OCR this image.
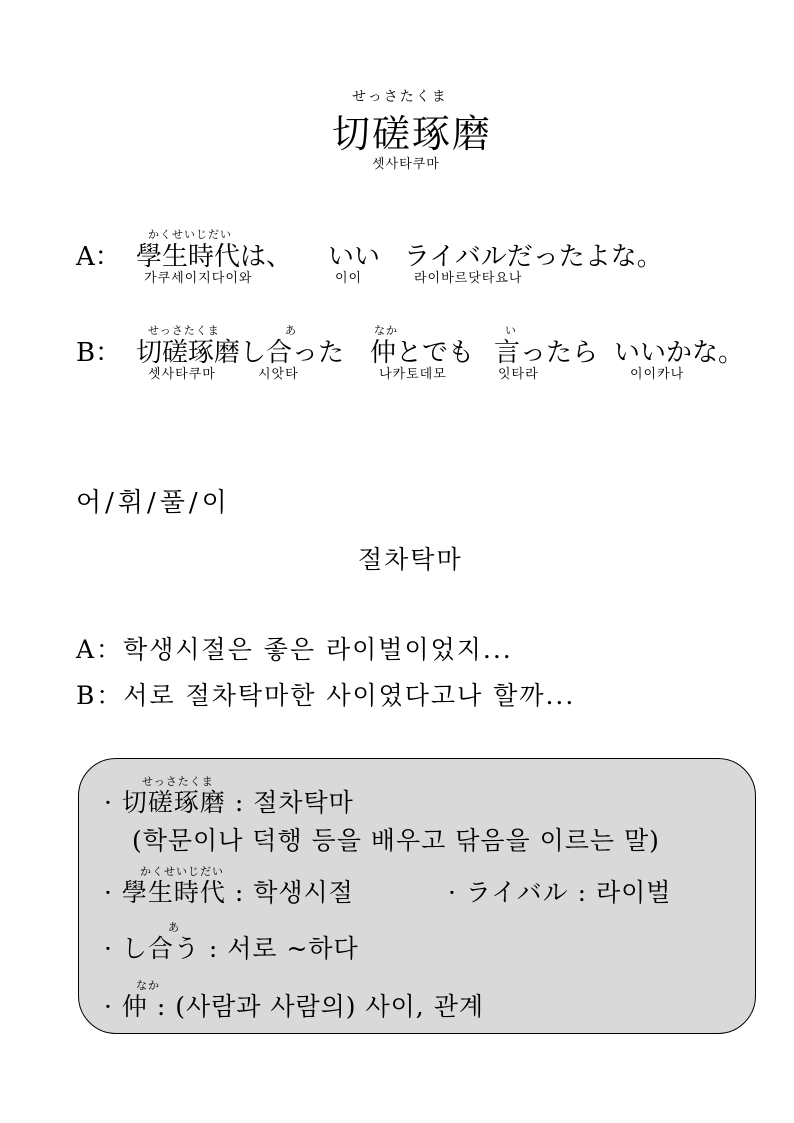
せっさたくま
切磋琢磨
셋사타쿠마
かくせいじだい
A： 學生時代は、 いい ライバルだったよな。
가쿠세이지다이와	이이	라이바르닷타요나
せっさたくま	あ	なか	い
B： 切磋琢磨し合った 仲とでも 言ったら いいかな。
셋사타쿠마	시앗타	나카토데모	잇타라	이이카나
어/휘/풀/이
절차탁마
A：학생시절은 좋은 라이벌이었지...
B：서로 절차탁마한 사이였다고나 할까...
せっさたくま
· 切磋琢磨 : 절차탁마
(학문이나 덕행 등을 배우고 닦음을 이르는 말)
かくせいじだい
· 學生時代 : 학생시절	· ライバル : 라이벌
あ
· し合う : 서로 ~하다
なか
· 仲 : (사람과 사람의) 사이, 관계
